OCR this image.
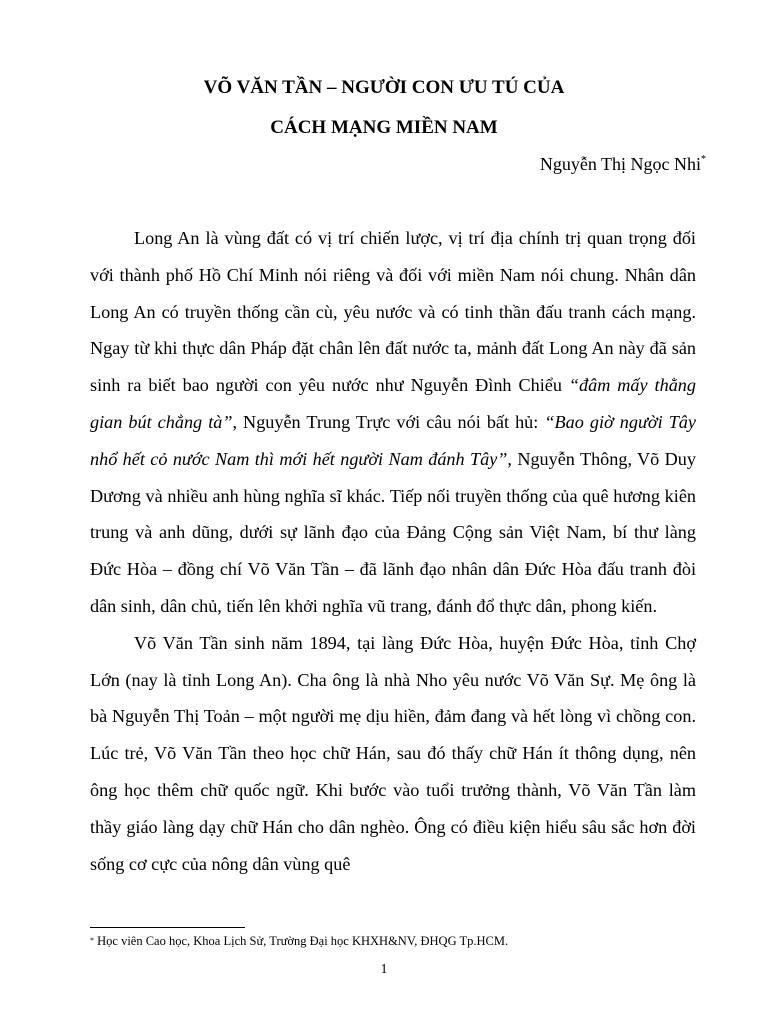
VÕ VĂN TẦN – NGƯỜI CON ƯU TÚ CỦA
CÁCH MẠNG MIỀN NAM
Nguyễn Thị Ngọc Nhi*

Long An là vùng đất có vị trí chiến lược, vị trí địa chính trị quan trọng đối với thành phố Hồ Chí Minh nói riêng và đối với miền Nam nói chung. Nhân dân Long An có truyền thống cần cù, yêu nước và có tinh thần đấu tranh cách mạng. Ngay từ khi thực dân Pháp đặt chân lên đất nước ta, mảnh đất Long An này đã sản sinh ra biết bao người con yêu nước như Nguyễn Đình Chiểu “đâm mấy thằng gian bút chẳng tà”, Nguyễn Trung Trực với câu nói bất hủ: “Bao giờ người Tây nhổ hết cỏ nước Nam thì mới hết người Nam đánh Tây”, Nguyễn Thông, Võ Duy Dương và nhiều anh hùng nghĩa sĩ khác. Tiếp nối truyền thống của quê hương kiên trung và anh dũng, dưới sự lãnh đạo của Đảng Cộng sản Việt Nam, bí thư làng Đức Hòa – đồng chí Võ Văn Tần – đã lãnh đạo nhân dân Đức Hòa đấu tranh đòi dân sinh, dân chủ, tiến lên khởi nghĩa vũ trang, đánh đổ thực dân, phong kiến.

Võ Văn Tần sinh năm 1894, tại làng Đức Hòa, huyện Đức Hòa, tỉnh Chợ Lớn (nay là tỉnh Long An). Cha ông là nhà Nho yêu nước Võ Văn Sự. Mẹ ông là bà Nguyễn Thị Toản – một người mẹ dịu hiền, đảm đang và hết lòng vì chồng con. Lúc trẻ, Võ Văn Tần theo học chữ Hán, sau đó thấy chữ Hán ít thông dụng, nên ông học thêm chữ quốc ngữ. Khi bước vào tuổi trưởng thành, Võ Văn Tần làm thầy giáo làng dạy chữ Hán cho dân nghèo. Ông có điều kiện hiểu sâu sắc hơn đời sống cơ cực của nông dân vùng quê

* Học viên Cao học, Khoa Lịch Sử, Trường Đại học KHXH&NV, ĐHQG Tp.HCM.
1
